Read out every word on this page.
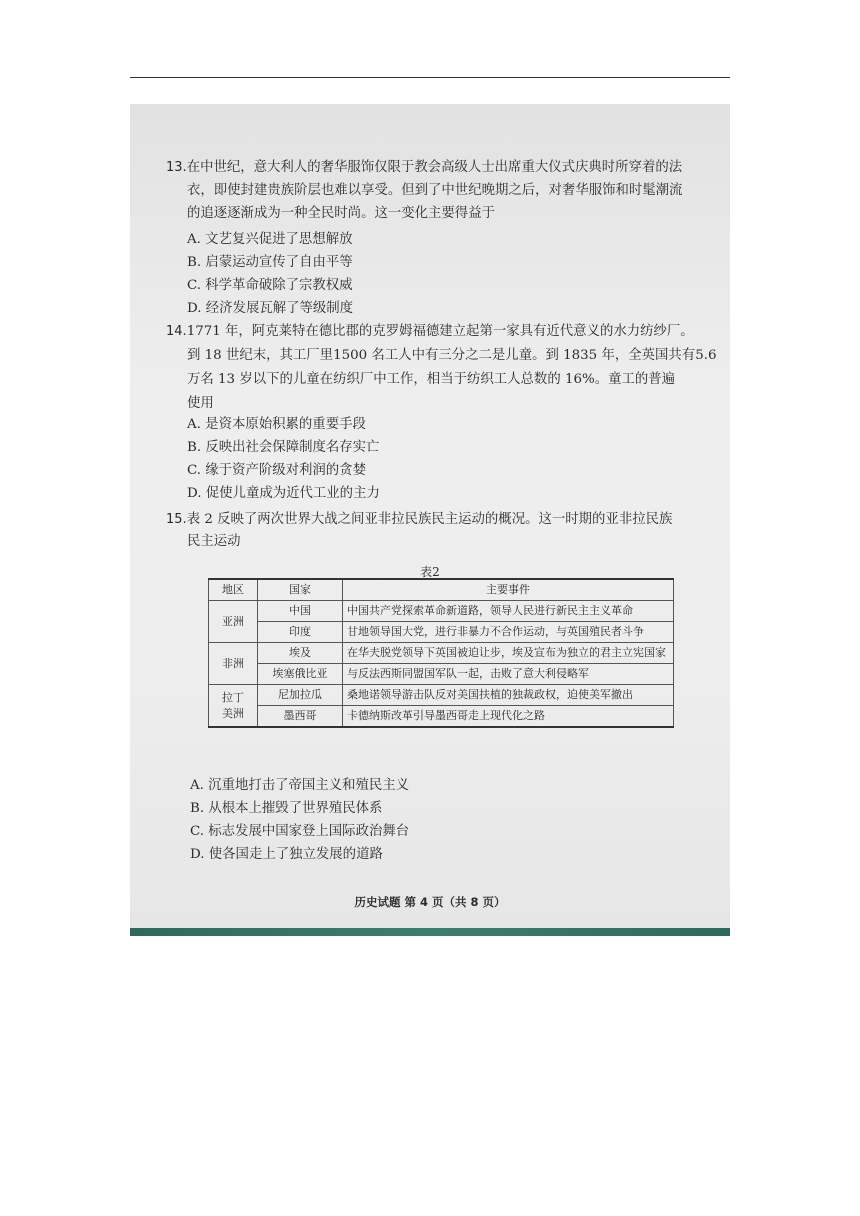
13.在中世纪，意大利人的奢华服饰仅限于教会高级人士出席重大仪式庆典时所穿着的法
衣，即使封建贵族阶层也难以享受。但到了中世纪晚期之后，对奢华服饰和时髦潮流
的追逐逐渐成为一种全民时尚。这一变化主要得益于
A. 文艺复兴促进了思想解放
B. 启蒙运动宣传了自由平等
C. 科学革命破除了宗教权威
D. 经济发展瓦解了等级制度
14.1771 年，阿克莱特在德比郡的克罗姆福德建立起第一家具有近代意义的水力纺纱厂。
到 18 世纪末，其工厂里1500 名工人中有三分之二是儿童。到 1835 年，全英国共有5.6
万名 13 岁以下的儿童在纺织厂中工作，相当于纺织工人总数的 16%。童工的普遍
使用
A. 是资本原始积累的重要手段
B. 反映出社会保障制度名存实亡
C. 缘于资产阶级对利润的贪婪
D. 促使儿童成为近代工业的主力
15.表 2 反映了两次世界大战之间亚非拉民族民主运动的概况。这一时期的亚非拉民族
民主运动
表2
地区	国家	主要事件
亚洲	中国	中国共产党探索革命新道路，领导人民进行新民主主义革命
	印度	甘地领导国大党，进行非暴力不合作运动，与英国殖民者斗争
非洲	埃及	在华夫脱党领导下英国被迫让步，埃及宣布为独立的君主立宪国家
	埃塞俄比亚	与反法西斯同盟国军队一起，击败了意大利侵略军
拉丁
美洲	尼加拉瓜	桑地诺领导游击队反对美国扶植的独裁政权，迫使美军撤出
	墨西哥	卡德纳斯改革引导墨西哥走上现代化之路
A. 沉重地打击了帝国主义和殖民主义
B. 从根本上摧毁了世界殖民体系
C. 标志发展中国家登上国际政治舞台
D. 使各国走上了独立发展的道路
历史试题 第 4 页（共 8 页）
